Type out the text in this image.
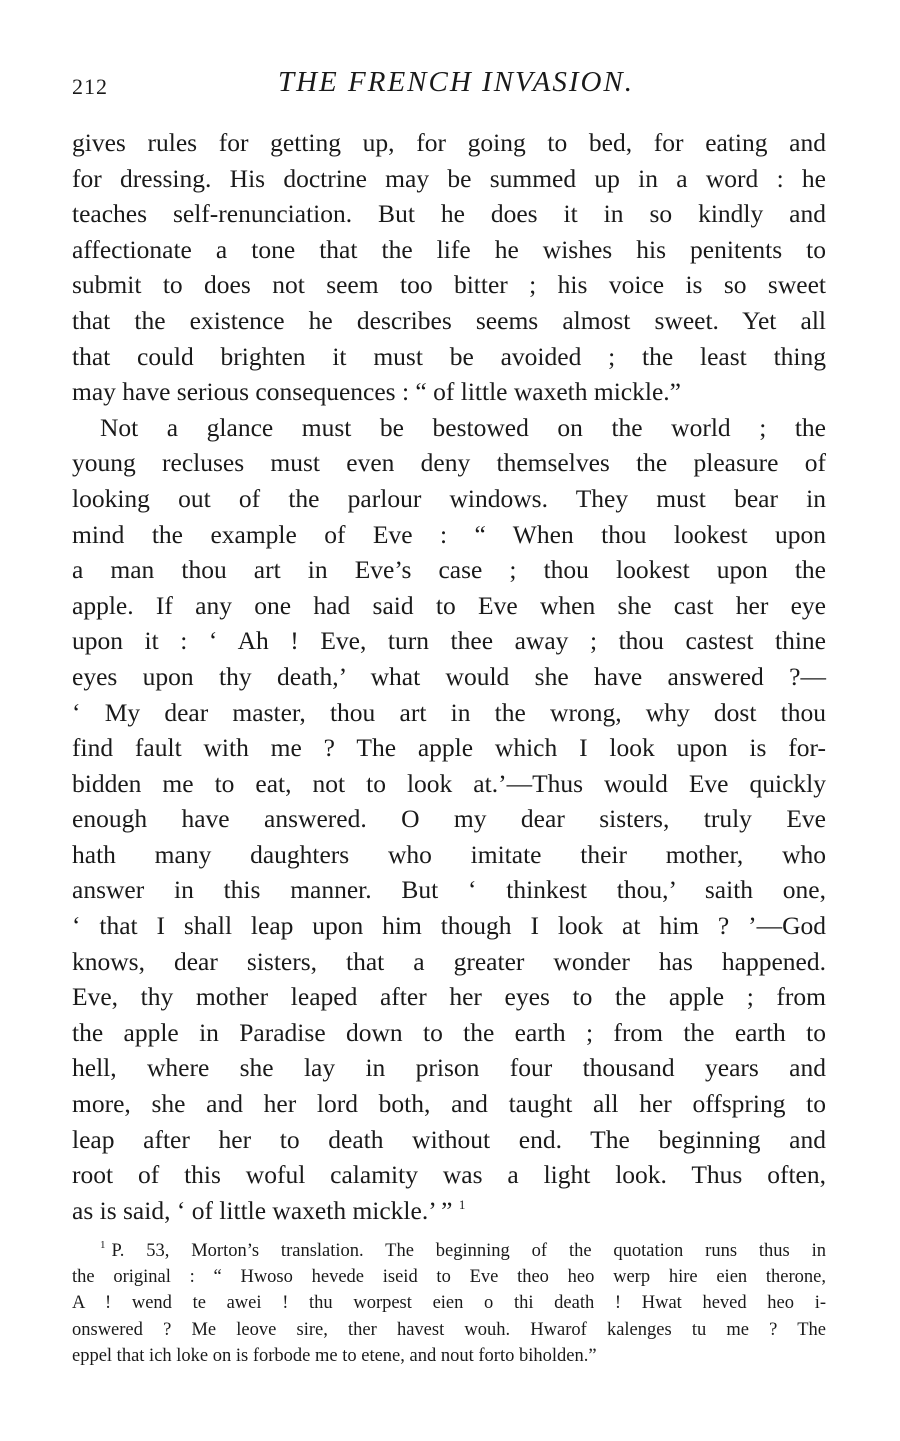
212	THE FRENCH INVASION.
gives rules for getting up, for going to bed, for eating and
for dressing. His doctrine may be summed up in a word : he
teaches self-renunciation. But he does it in so kindly and
affectionate a tone that the life he wishes his penitents to
submit to does not seem too bitter ; his voice is so sweet
that the existence he describes seems almost sweet. Yet all
that could brighten it must be avoided ; the least thing
may have serious consequences : “ of little waxeth mickle.”
Not a glance must be bestowed on the world ; the
young recluses must even deny themselves the pleasure of
looking out of the parlour windows. They must bear in
mind the example of Eve : “ When thou lookest upon
a man thou art in Eve’s case ; thou lookest upon the
apple. If any one had said to Eve when she cast her eye
upon it : ‘ Ah ! Eve, turn thee away ; thou castest thine
eyes upon thy death,’ what would she have answered ?—
‘ My dear master, thou art in the wrong, why dost thou
find fault with me ? The apple which I look upon is for-
bidden me to eat, not to look at.’—Thus would Eve quickly
enough have answered. O my dear sisters, truly Eve
hath many daughters who imitate their mother, who
answer in this manner. But ‘ thinkest thou,’ saith one,
‘ that I shall leap upon him though I look at him ? ’—God
knows, dear sisters, that a greater wonder has happened.
Eve, thy mother leaped after her eyes to the apple ; from
the apple in Paradise down to the earth ; from the earth to
hell, where she lay in prison four thousand years and
more, she and her lord both, and taught all her offspring to
leap after her to death without end. The beginning and
root of this woful calamity was a light look. Thus often,
as is said, ‘ of little waxeth mickle.’ ” $^1$
$^1$ P. 53, Morton’s translation. The beginning of the quotation runs thus in
the original : “ Hwoso hevede iseid to Eve theo heo werp hire eien therone,
A ! wend te awei ! thu worpest eien o thi death ! Hwat heved heo i-
onswered ? Me leove sire, ther havest wouh. Hwarof kalenges tu me ? The
eppel that ich loke on is forbode me to etene, and nout forto biholden.”
